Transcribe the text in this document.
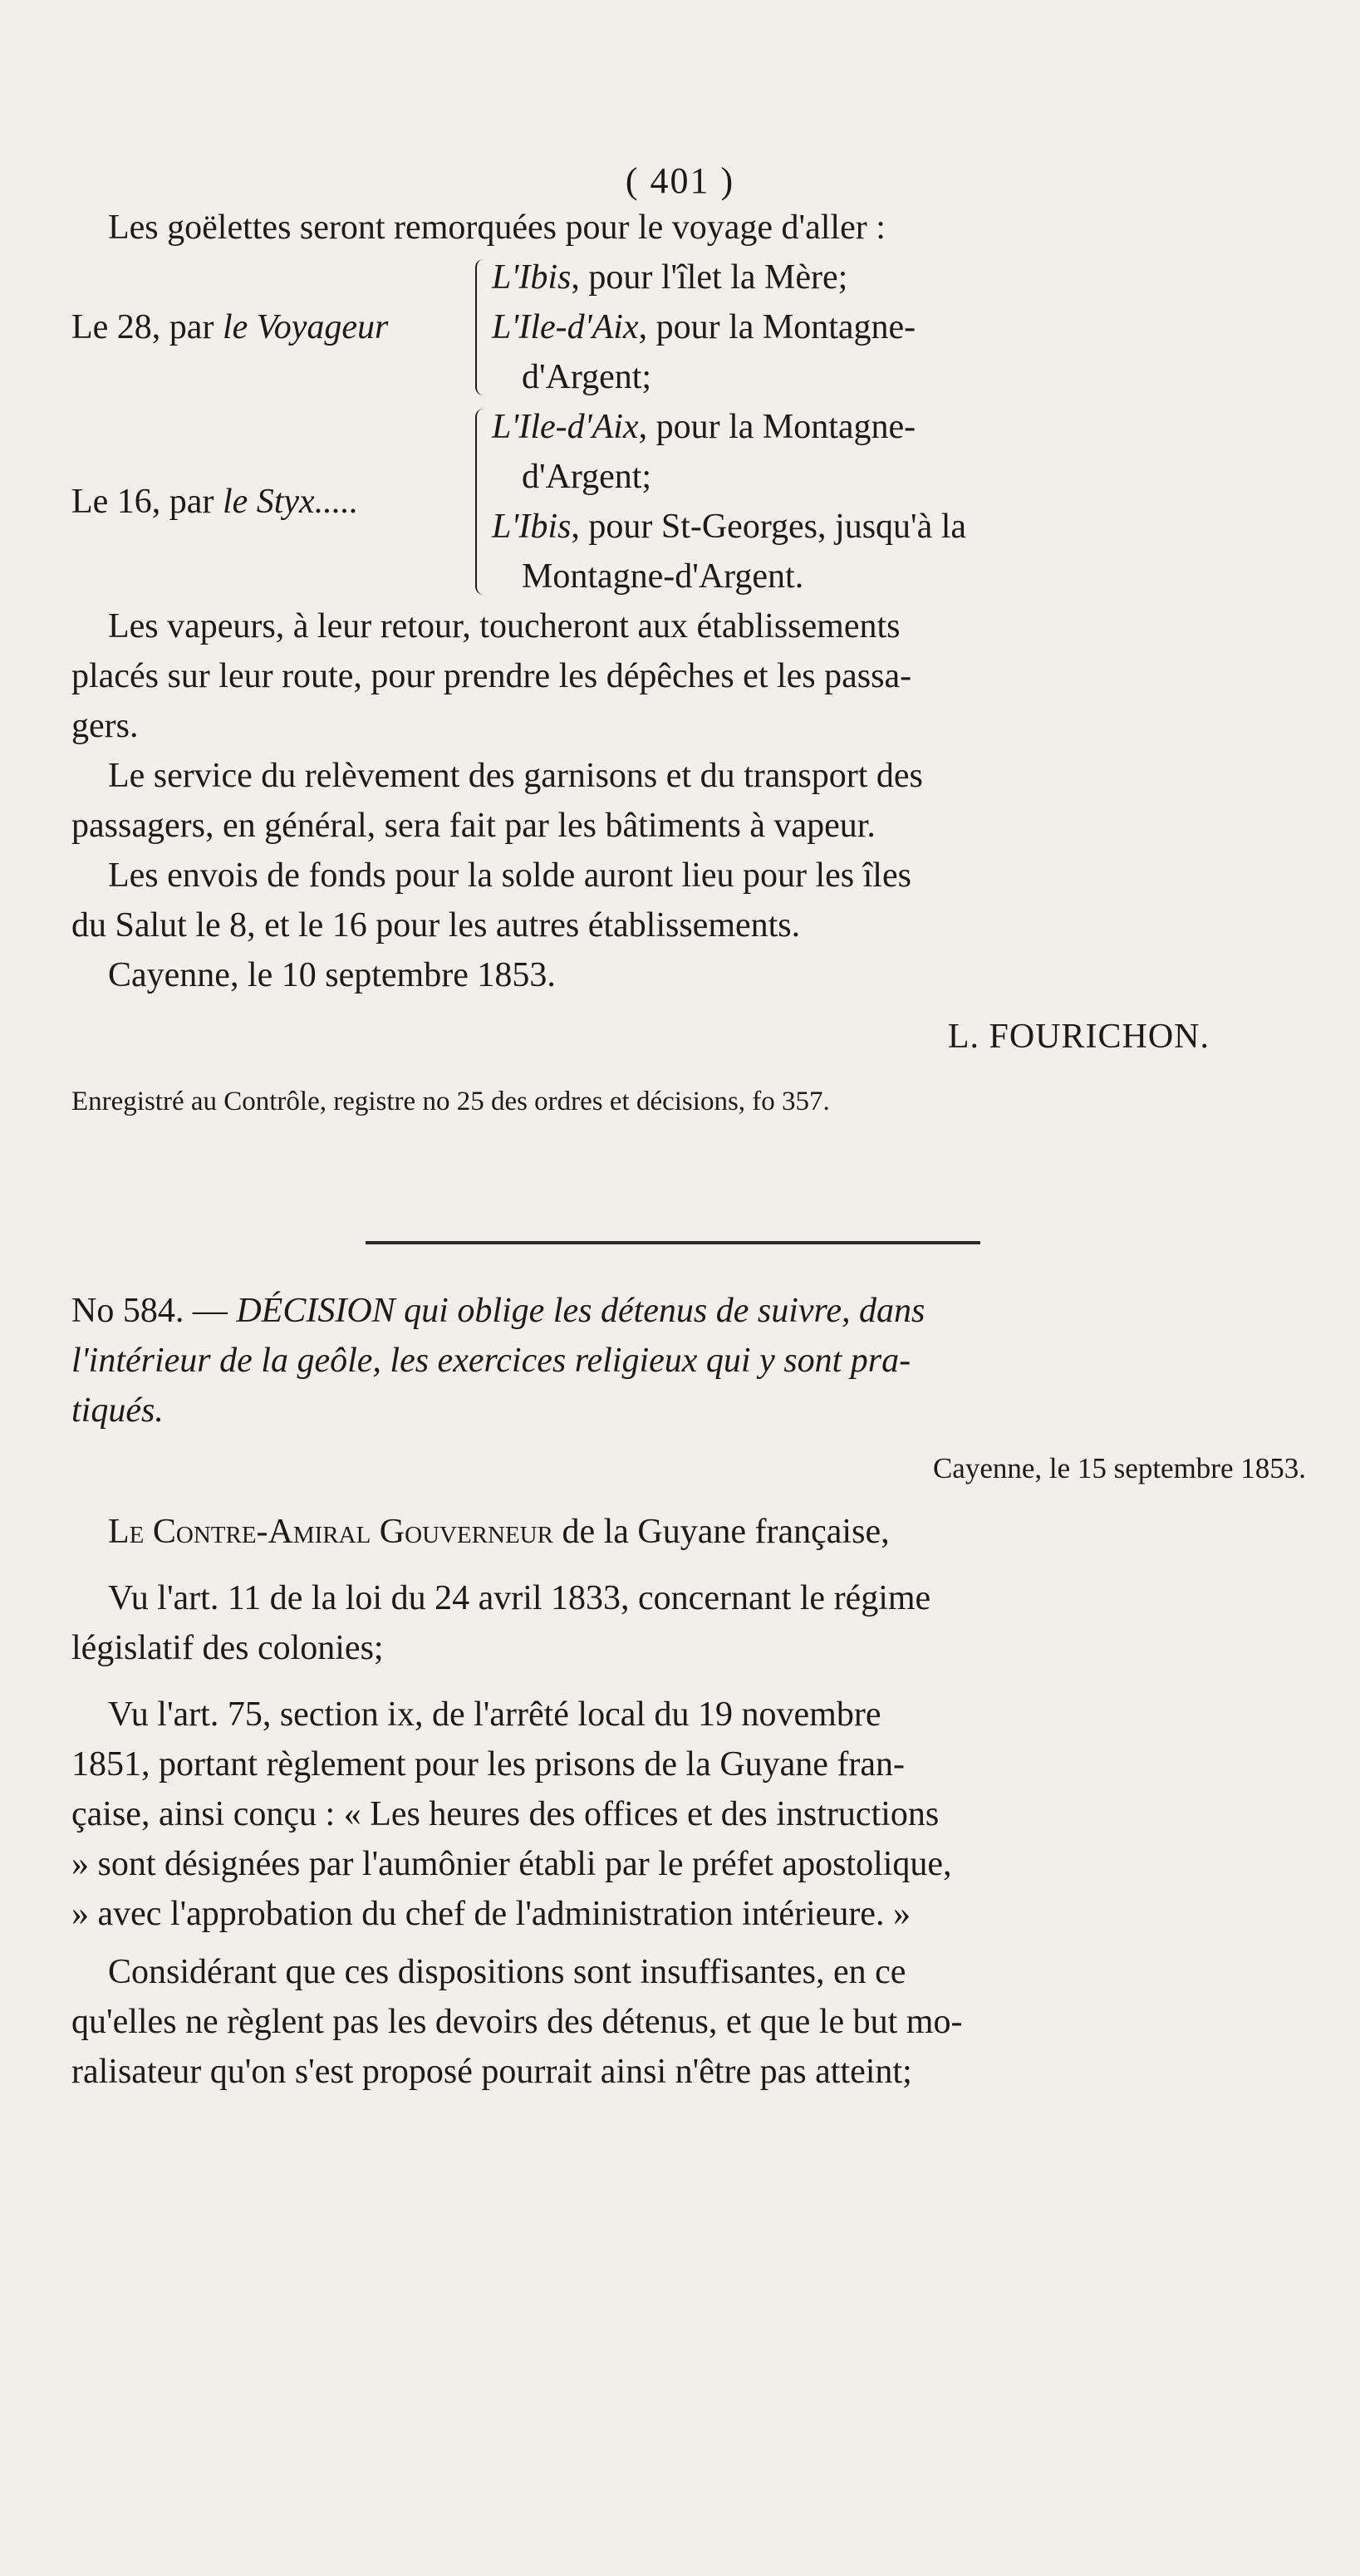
( 401 )
Les goëlettes seront remorquées pour le voyage d'aller :
Le 28, par le Voyageur
L'Ibis, pour l'îlet la Mère;
L'Ile-d'Aix, pour la Montagne-
d'Argent;
Le 16, par le Styx.....
L'Ile-d'Aix, pour la Montagne-
d'Argent;
L'Ibis, pour St-Georges, jusqu'à la
Montagne-d'Argent.
Les vapeurs, à leur retour, toucheront aux établissements
placés sur leur route, pour prendre les dépêches et les passa-
gers.
Le service du relèvement des garnisons et du transport des
passagers, en général, sera fait par les bâtiments à vapeur.
Les envois de fonds pour la solde auront lieu pour les îles
du Salut le 8, et le 16 pour les autres établissements.
Cayenne, le 10 septembre 1853.
L. FOURICHON.
Enregistré au Contrôle, registre no 25 des ordres et décisions, fo 357.
No 584. — DÉCISION qui oblige les détenus de suivre, dans
l'intérieur de la geôle, les exercices religieux qui y sont pra-
tiqués.
Cayenne, le 15 septembre 1853.
Le Contre-Amiral Gouverneur de la Guyane française,
Vu l'art. 11 de la loi du 24 avril 1833, concernant le régime
législatif des colonies;
Vu l'art. 75, section ix, de l'arrêté local du 19 novembre
1851, portant règlement pour les prisons de la Guyane fran-
çaise, ainsi conçu : « Les heures des offices et des instructions
» sont désignées par l'aumônier établi par le préfet apostolique,
» avec l'approbation du chef de l'administration intérieure. »
Considérant que ces dispositions sont insuffisantes, en ce
qu'elles ne règlent pas les devoirs des détenus, et que le but mo-
ralisateur qu'on s'est proposé pourrait ainsi n'être pas atteint;
